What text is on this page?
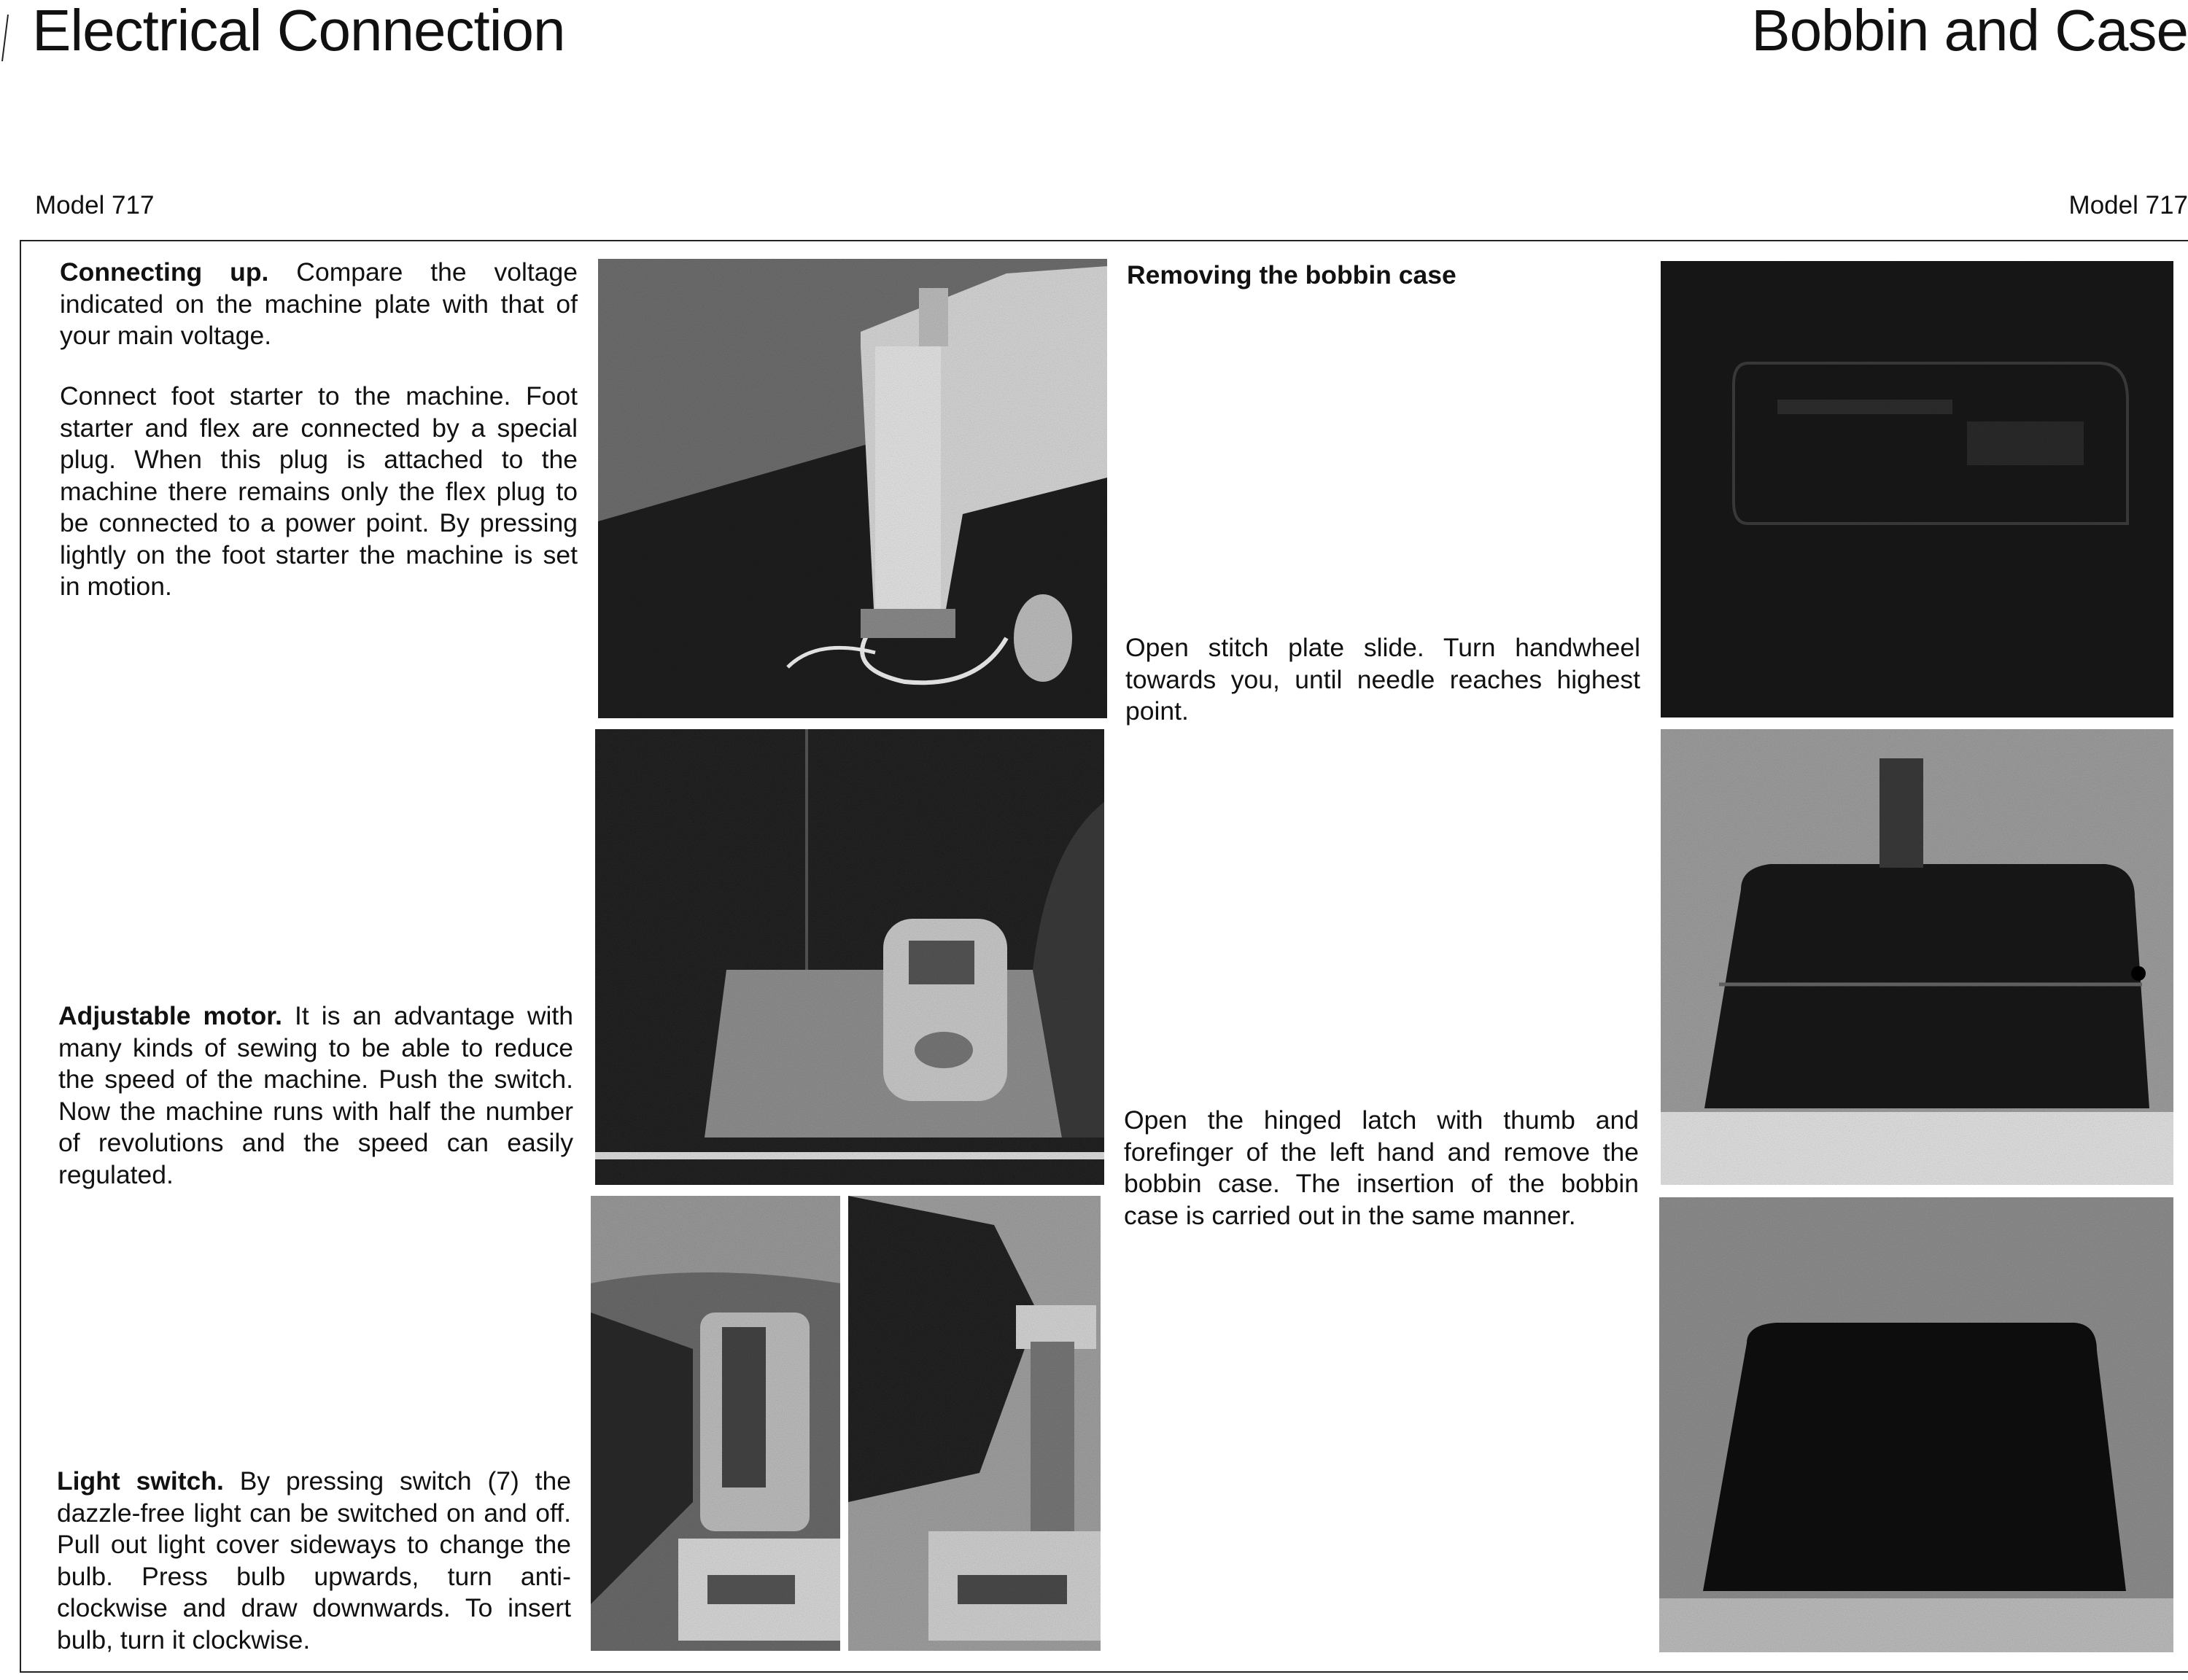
Electrical Connection	Bobbin and Case
Model 717	Model 717

Connecting up. Compare the voltage indicated on the machine plate with that of your main voltage.

Connect foot starter to the machine. Foot starter and flex are connected by a special plug. When this plug is attached to the machine there remains only the flex plug to be connected to a power point. By pressing lightly on the foot starter the machine is set in motion.

Adjustable motor. It is an advantage with many kinds of sewing to be able to reduce the speed of the machine. Push the switch. Now the machine runs with half the number of revolutions and the speed can easily regulated.

Light switch. By pressing switch (7) the dazzle-free light can be switched on and off. Pull out light cover sideways to change the bulb. Press bulb upwards, turn anti-clockwise and draw downwards. To insert bulb, turn it clockwise.

Removing the bobbin case

Open stitch plate slide. Turn handwheel towards you, until needle reaches highest point.

Open the hinged latch with thumb and forefinger of the left hand and remove the bobbin case. The insertion of the bobbin case is carried out in the same manner.
